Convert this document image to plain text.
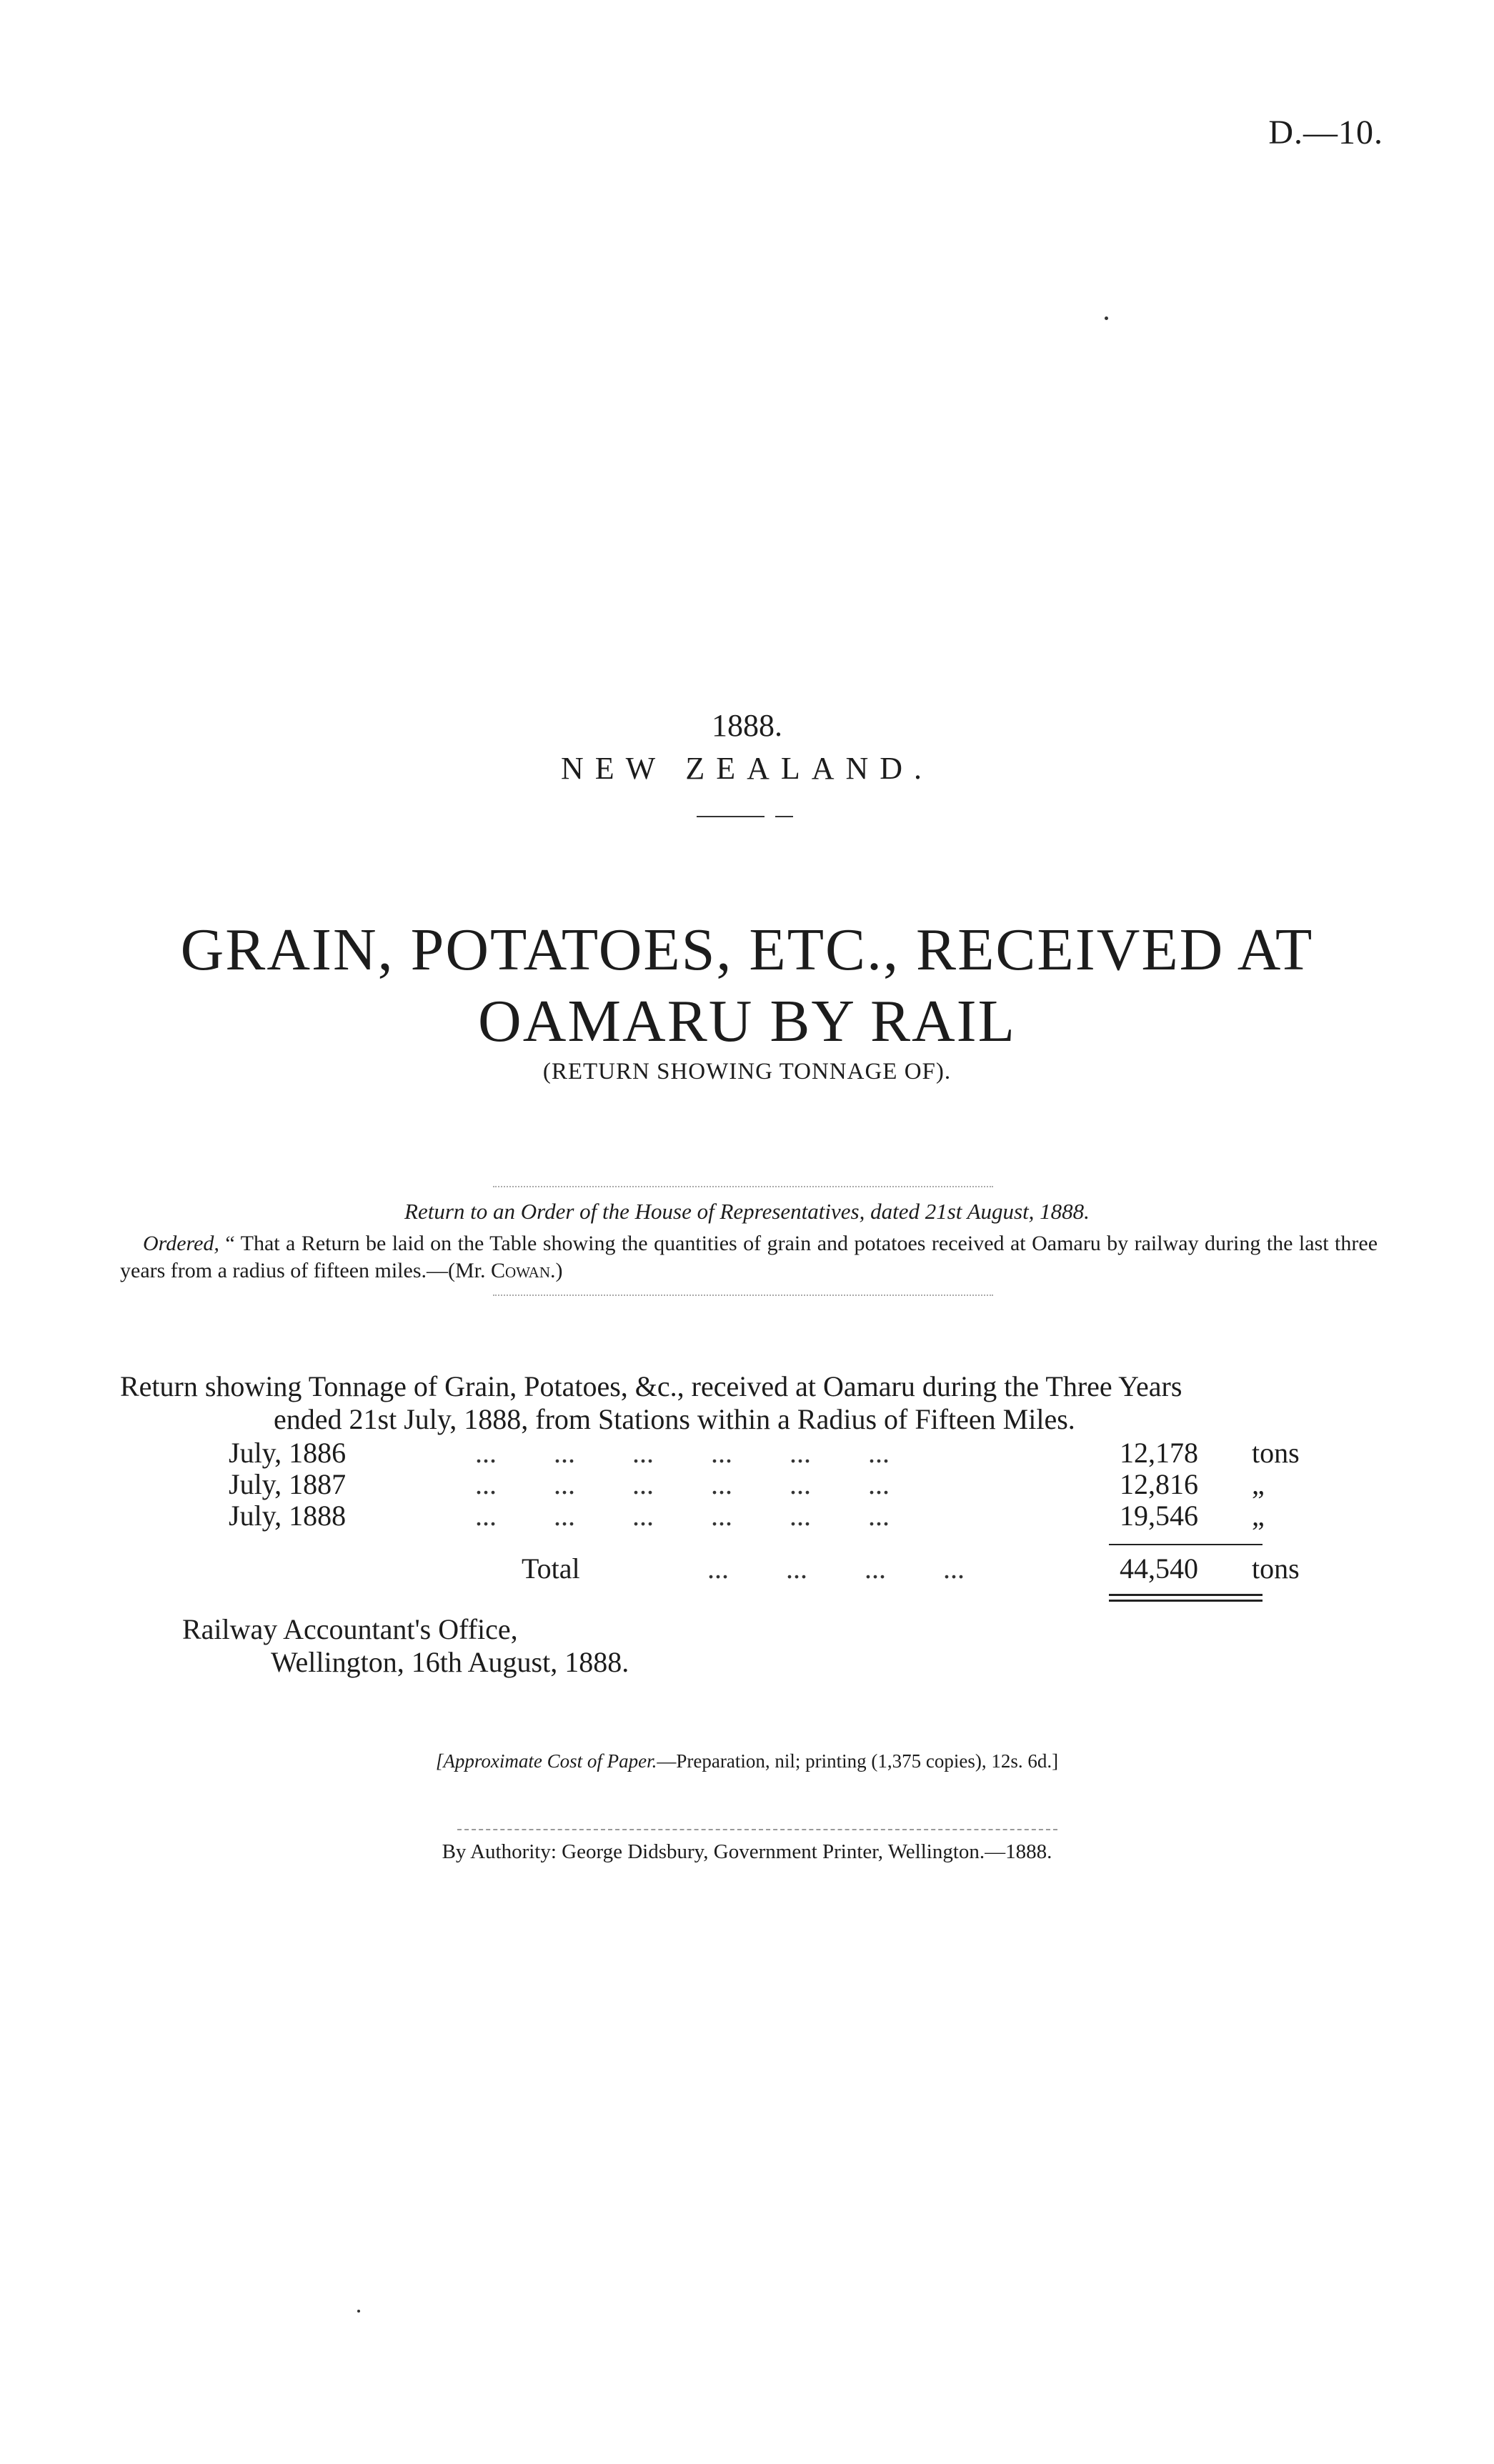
D.—10.
1888.
NEW ZEALAND.
GRAIN, POTATOES, ETC., RECEIVED AT OAMARU BY RAIL
(RETURN SHOWING TONNAGE OF).
Return to an Order of the House of Representatives, dated 21st August, 1888.
Ordered, “ That a Return be laid on the Table showing the quantities of grain and potatoes received at Oamaru by railway during the last three years from a radius of fifteen miles.—(Mr. Cowan.)
Return showing Tonnage of Grain, Potatoes, &c., received at Oamaru during the Three Years
ended 21st July, 1888, from Stations within a Radius of Fifteen Miles.
July, 1886	...        ...        ...        ...        ...        ...	12,178 tons
July, 1887	...        ...        ...        ...        ...        ...	12,816 „
July, 1888	...        ...        ...        ...        ...        ...	19,546 „
Total	...        ...        ...        ...	44,540 tons
Railway Accountant's Office,
Wellington, 16th August, 1888.
[Approximate Cost of Paper.—Preparation, nil; printing (1,375 copies), 12s. 6d.]
By Authority: George Didsbury, Government Printer, Wellington.—1888.
